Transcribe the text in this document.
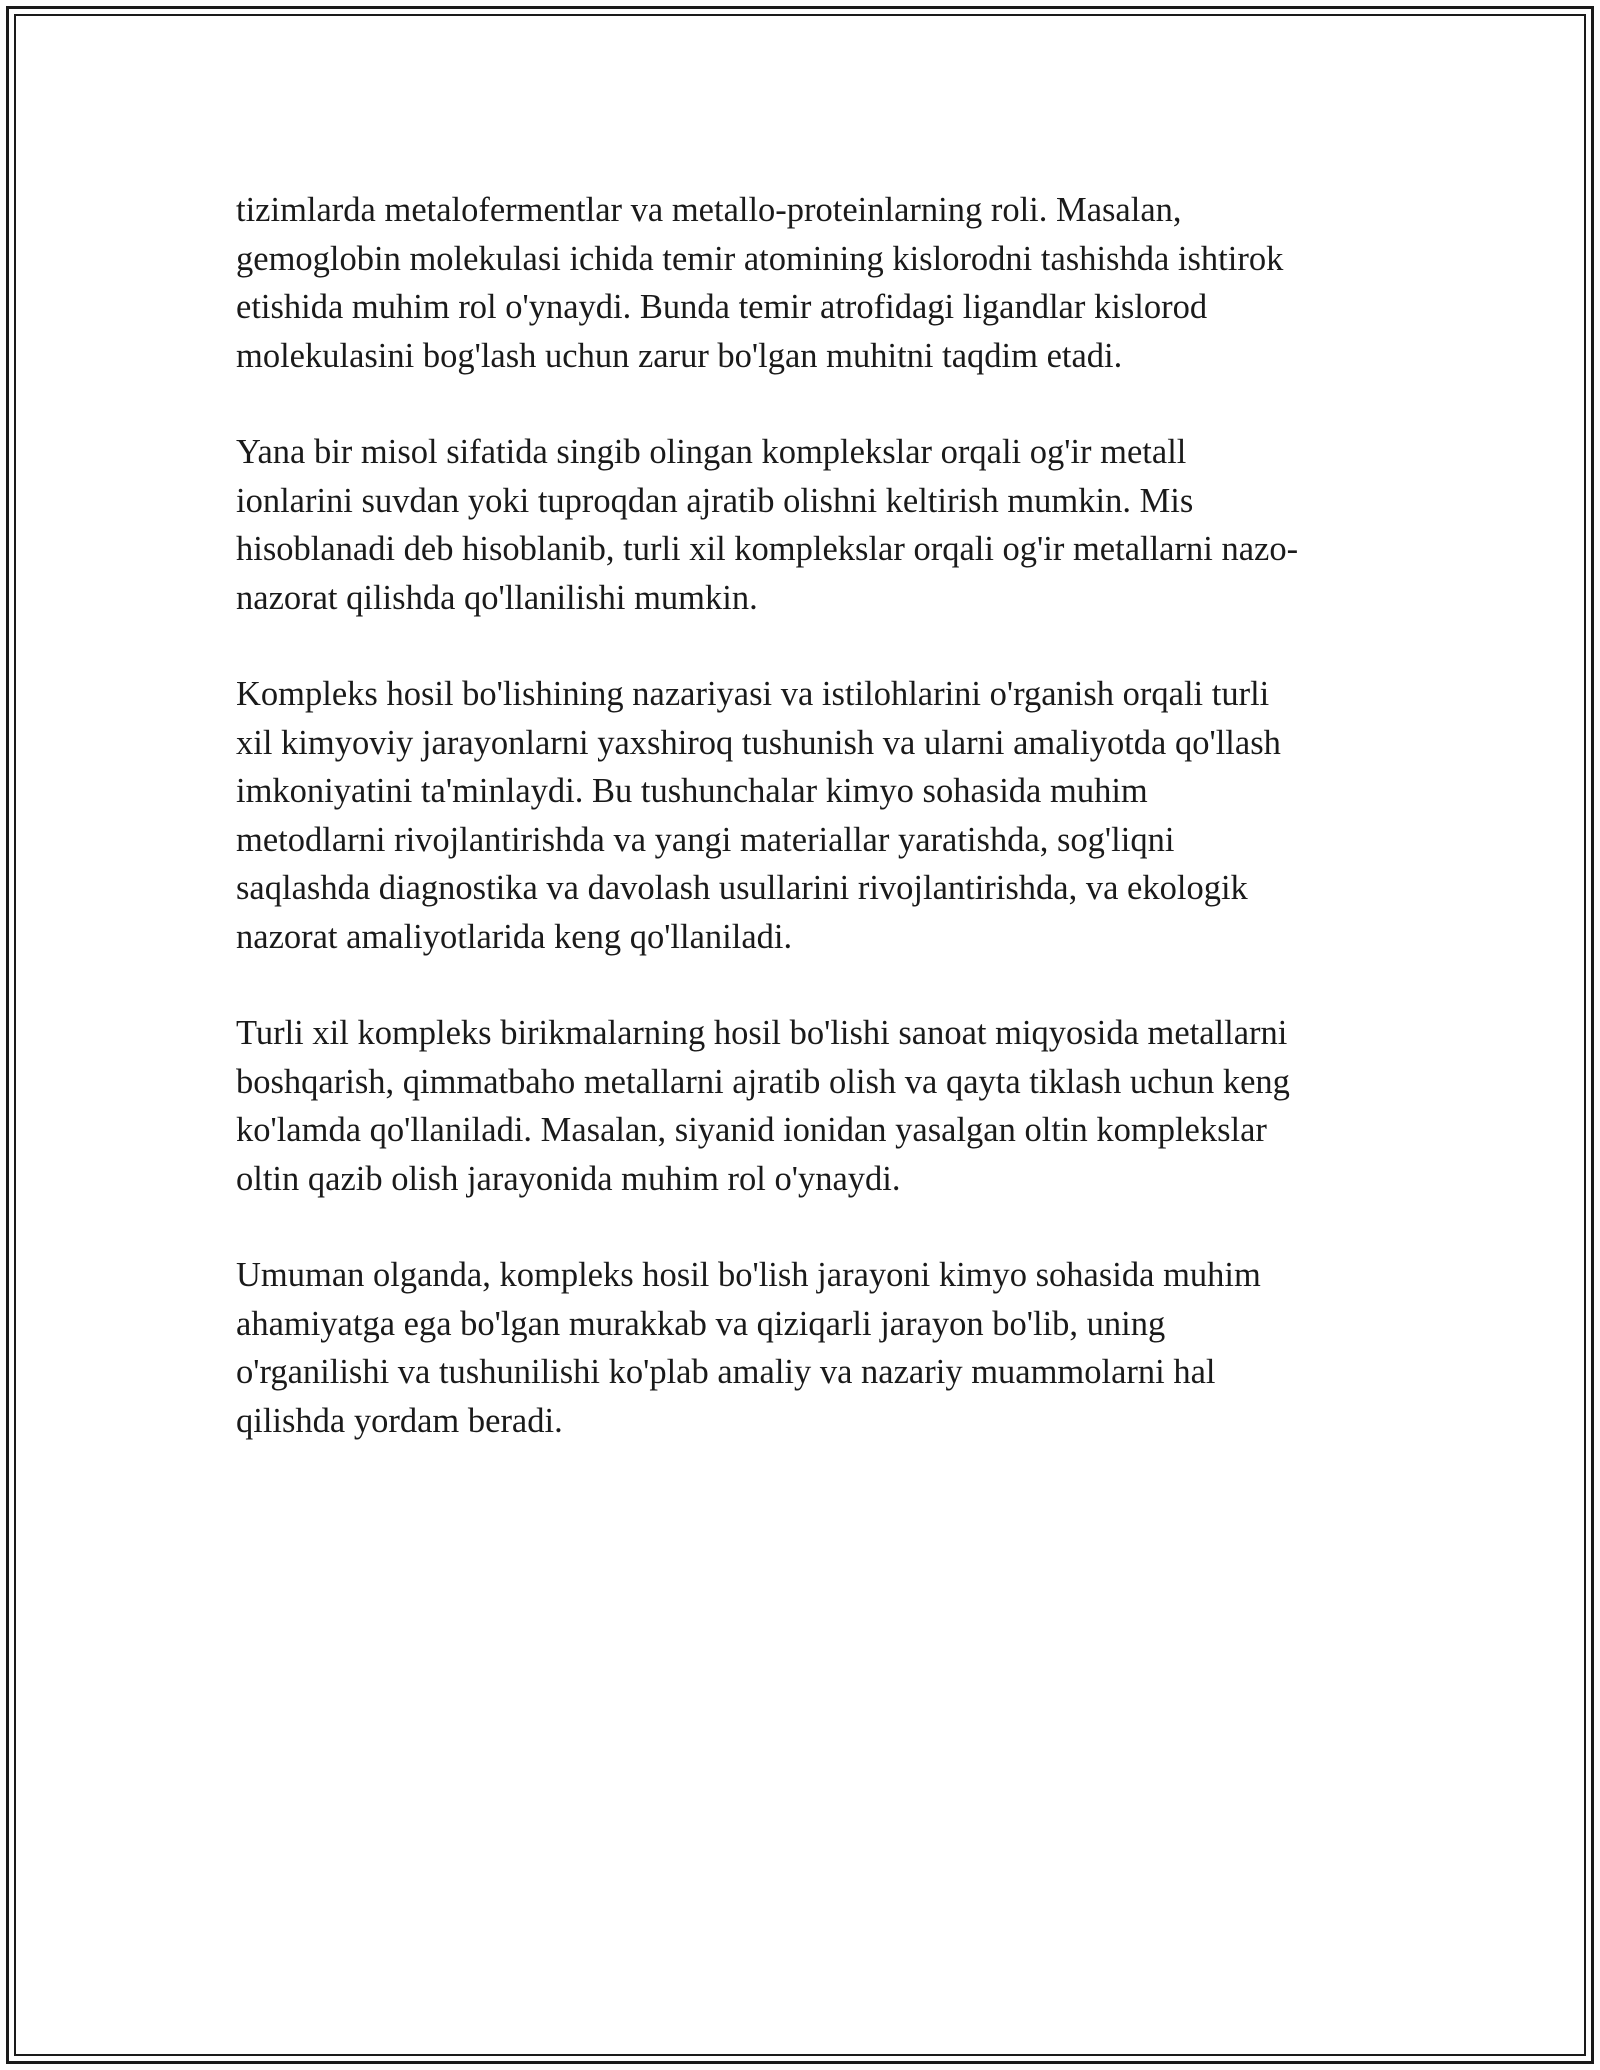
tizimlarda metalofermentlar va metallo-proteinlarning roli. Masalan,
gemoglobin molekulasi ichida temir atomining kislorodni tashishda ishtirok
etishida muhim rol o'ynaydi. Bunda temir atrofidagi ligandlar kislorod
molekulasini bog'lash uchun zarur bo'lgan muhitni taqdim etadi.

Yana bir misol sifatida singib olingan komplekslar orqali og'ir metall
ionlarini suvdan yoki tuproqdan ajratib olishni keltirish mumkin. Mis
hisoblanadi deb hisoblanib, turli xil komplekslar orqali og'ir metallarni nazo-
nazorat qilishda qo'llanilishi mumkin.

Kompleks hosil bo'lishining nazariyasi va istilohlarini o'rganish orqali turli
xil kimyoviy jarayonlarni yaxshiroq tushunish va ularni amaliyotda qo'llash
imkoniyatini ta'minlaydi. Bu tushunchalar kimyo sohasida muhim
metodlarni rivojlantirishda va yangi materiallar yaratishda, sog'liqni
saqlashda diagnostika va davolash usullarini rivojlantirishda, va ekologik
nazorat amaliyotlarida keng qo'llaniladi.

Turli xil kompleks birikmalarning hosil bo'lishi sanoat miqyosida metallarni
boshqarish, qimmatbaho metallarni ajratib olish va qayta tiklash uchun keng
ko'lamda qo'llaniladi. Masalan, siyanid ionidan yasalgan oltin komplekslar
oltin qazib olish jarayonida muhim rol o'ynaydi.

Umuman olganda, kompleks hosil bo'lish jarayoni kimyo sohasida muhim
ahamiyatga ega bo'lgan murakkab va qiziqarli jarayon bo'lib, uning
o'rganilishi va tushunilishi ko'plab amaliy va nazariy muammolarni hal
qilishda yordam beradi.
